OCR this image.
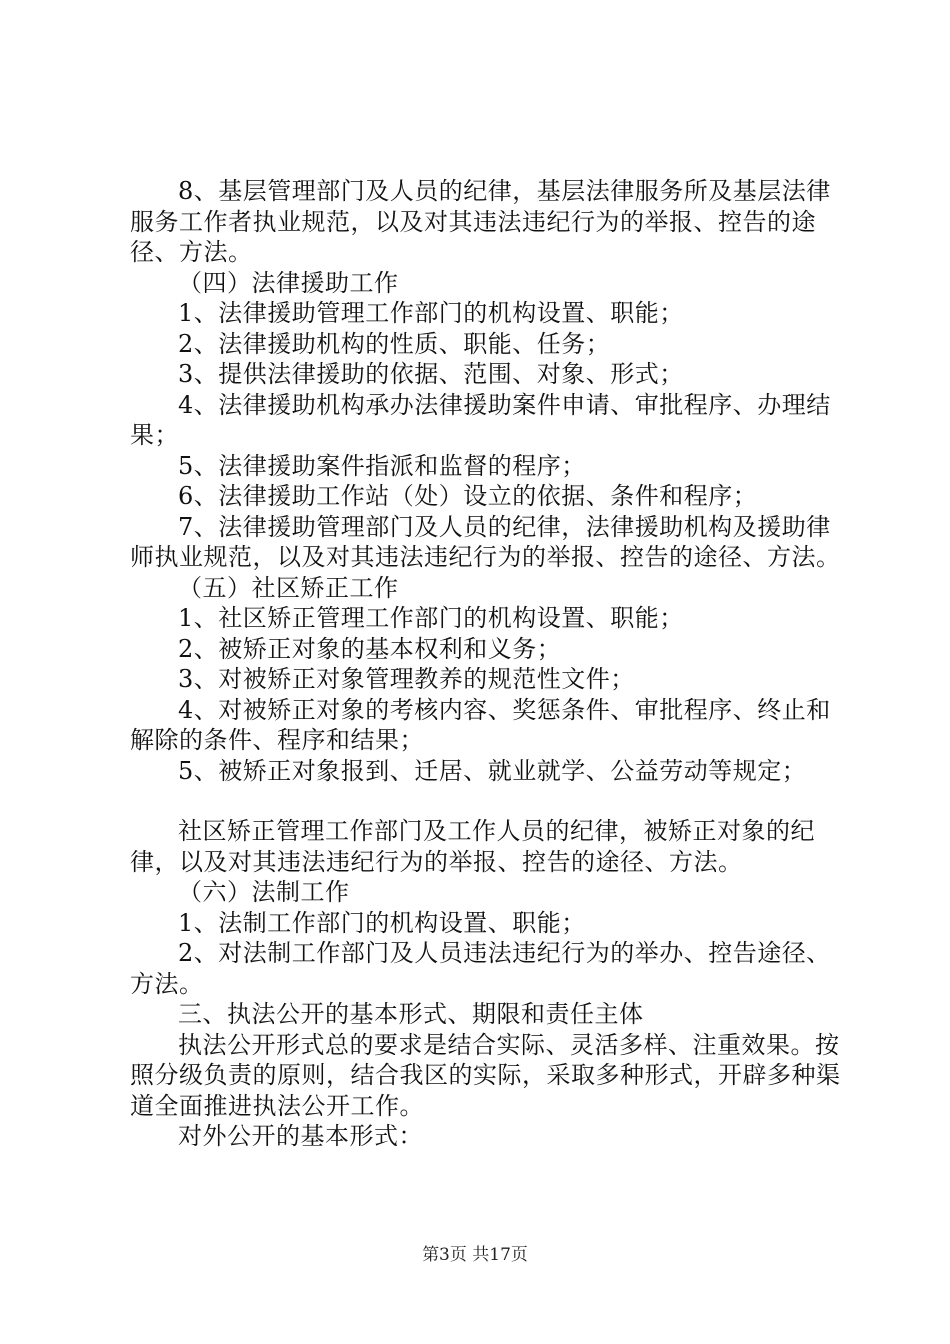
8、基层管理部门及人员的纪律，基层法律服务所及基层法律服务工作者执业规范，以及对其违法违纪行为的举报、控告的途径、方法。

（四）法律援助工作

1、法律援助管理工作部门的机构设置、职能；

2、法律援助机构的性质、职能、任务；

3、提供法律援助的依据、范围、对象、形式；

4、法律援助机构承办法律援助案件申请、审批程序、办理结果；

5、法律援助案件指派和监督的程序；

6、法律援助工作站（处）设立的依据、条件和程序；

7、法律援助管理部门及人员的纪律，法律援助机构及援助律师执业规范，以及对其违法违纪行为的举报、控告的途径、方法。

（五）社区矫正工作

1、社区矫正管理工作部门的机构设置、职能；

2、被矫正对象的基本权利和义务；

3、对被矫正对象管理教养的规范性文件；

4、对被矫正对象的考核内容、奖惩条件、审批程序、终止和解除的条件、程序和结果；

5、被矫正对象报到、迁居、就业就学、公益劳动等规定；

社区矫正管理工作部门及工作人员的纪律，被矫正对象的纪律，以及对其违法违纪行为的举报、控告的途径、方法。

（六）法制工作

1、法制工作部门的机构设置、职能；

2、对法制工作部门及人员违法违纪行为的举办、控告途径、方法。

三、执法公开的基本形式、期限和责任主体

执法公开形式总的要求是结合实际、灵活多样、注重效果。按照分级负责的原则，结合我区的实际，采取多种形式，开辟多种渠道全面推进执法公开工作。

对外公开的基本形式：

第3页 共17页
